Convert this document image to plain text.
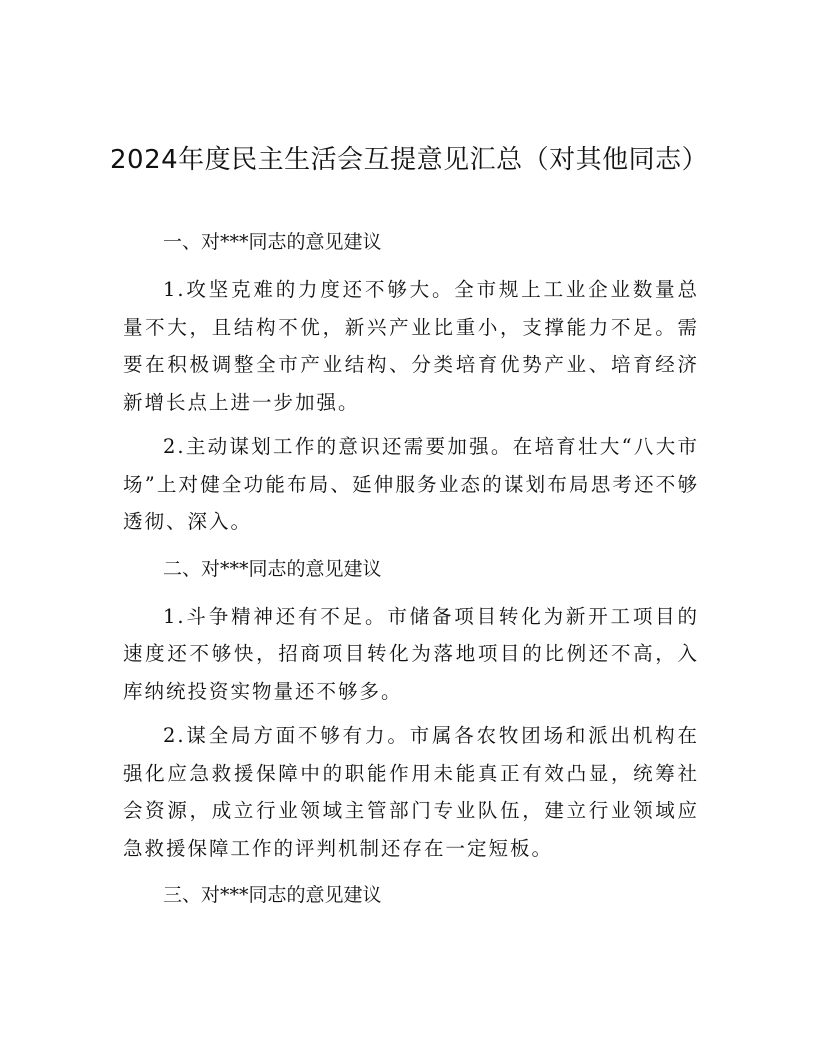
2024年度民主生活会互提意见汇总（对其他同志）
一、对***同志的意见建议

1.攻坚克难的力度还不够大。全市规上工业企业数量总量不大，且结构不优，新兴产业比重小，支撑能力不足。需要在积极调整全市产业结构、分类培育优势产业、培育经济新增长点上进一步加强。

2.主动谋划工作的意识还需要加强。在培育壮大“八大市场”上对健全功能布局、延伸服务业态的谋划布局思考还不够透彻、深入。

二、对***同志的意见建议

1.斗争精神还有不足。市储备项目转化为新开工项目的速度还不够快，招商项目转化为落地项目的比例还不高，入库纳统投资实物量还不够多。

2.谋全局方面不够有力。市属各农牧团场和派出机构在强化应急救援保障中的职能作用未能真正有效凸显，统筹社会资源，成立行业领域主管部门专业队伍，建立行业领域应急救援保障工作的评判机制还存在一定短板。

三、对***同志的意见建议
